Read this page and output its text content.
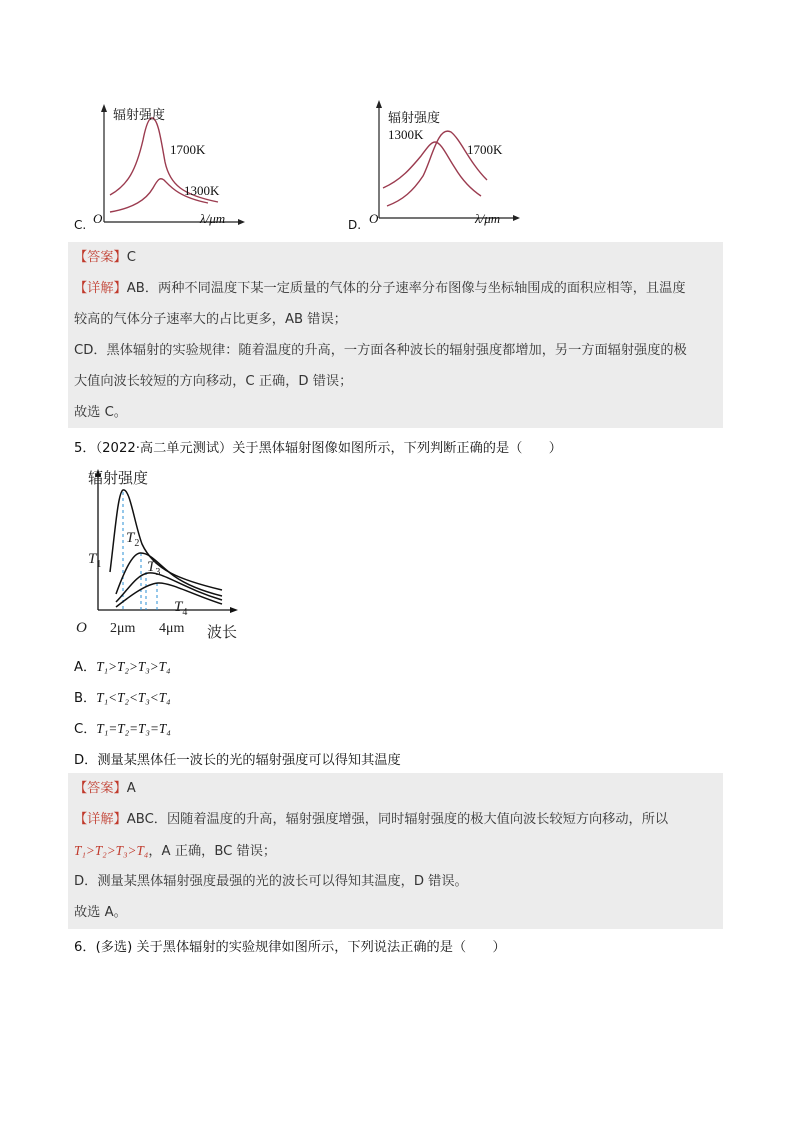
C.
辐射强度
1700K
1300K
O	λ/μm	D.
辐射强度
1300K
1700K
O	λ/μm
【答案】C
【详解】AB．两种不同温度下某一定质量的气体的分子速率分布图像与坐标轴围成的面积应相等，且温度
较高的气体分子速率大的占比更多，AB 错误；
CD．黑体辐射的实验规律：随着温度的升高，一方面各种波长的辐射强度都增加，另一方面辐射强度的极
大值向波长较短的方向移动，C 正确，D 错误；
故选 C。
5．（2022·高二单元测试）关于黑体辐射图像如图所示，下列判断正确的是（　　）
辐射强度
$T_1$
$T_2$
$T_3$
$T_4$
O 2μm 4μm 波长
A．T₁>T₂>T₃>T₄
B．T₁<T₂<T₃<T₄
C．T₁=T₂=T₃=T₄
D．测量某黑体任一波长的光的辐射强度可以得知其温度
【答案】A
【详解】ABC．因随着温度的升高，辐射强度增强，同时辐射强度的极大值向波长较短方向移动，所以
T₁>T₂>T₃>T₄，A 正确，BC 错误；
D．测量某黑体辐射强度最强的光的波长可以得知其温度，D 错误。
故选 A。
6．(多选) 关于黑体辐射的实验规律如图所示，下列说法正确的是（　　）
